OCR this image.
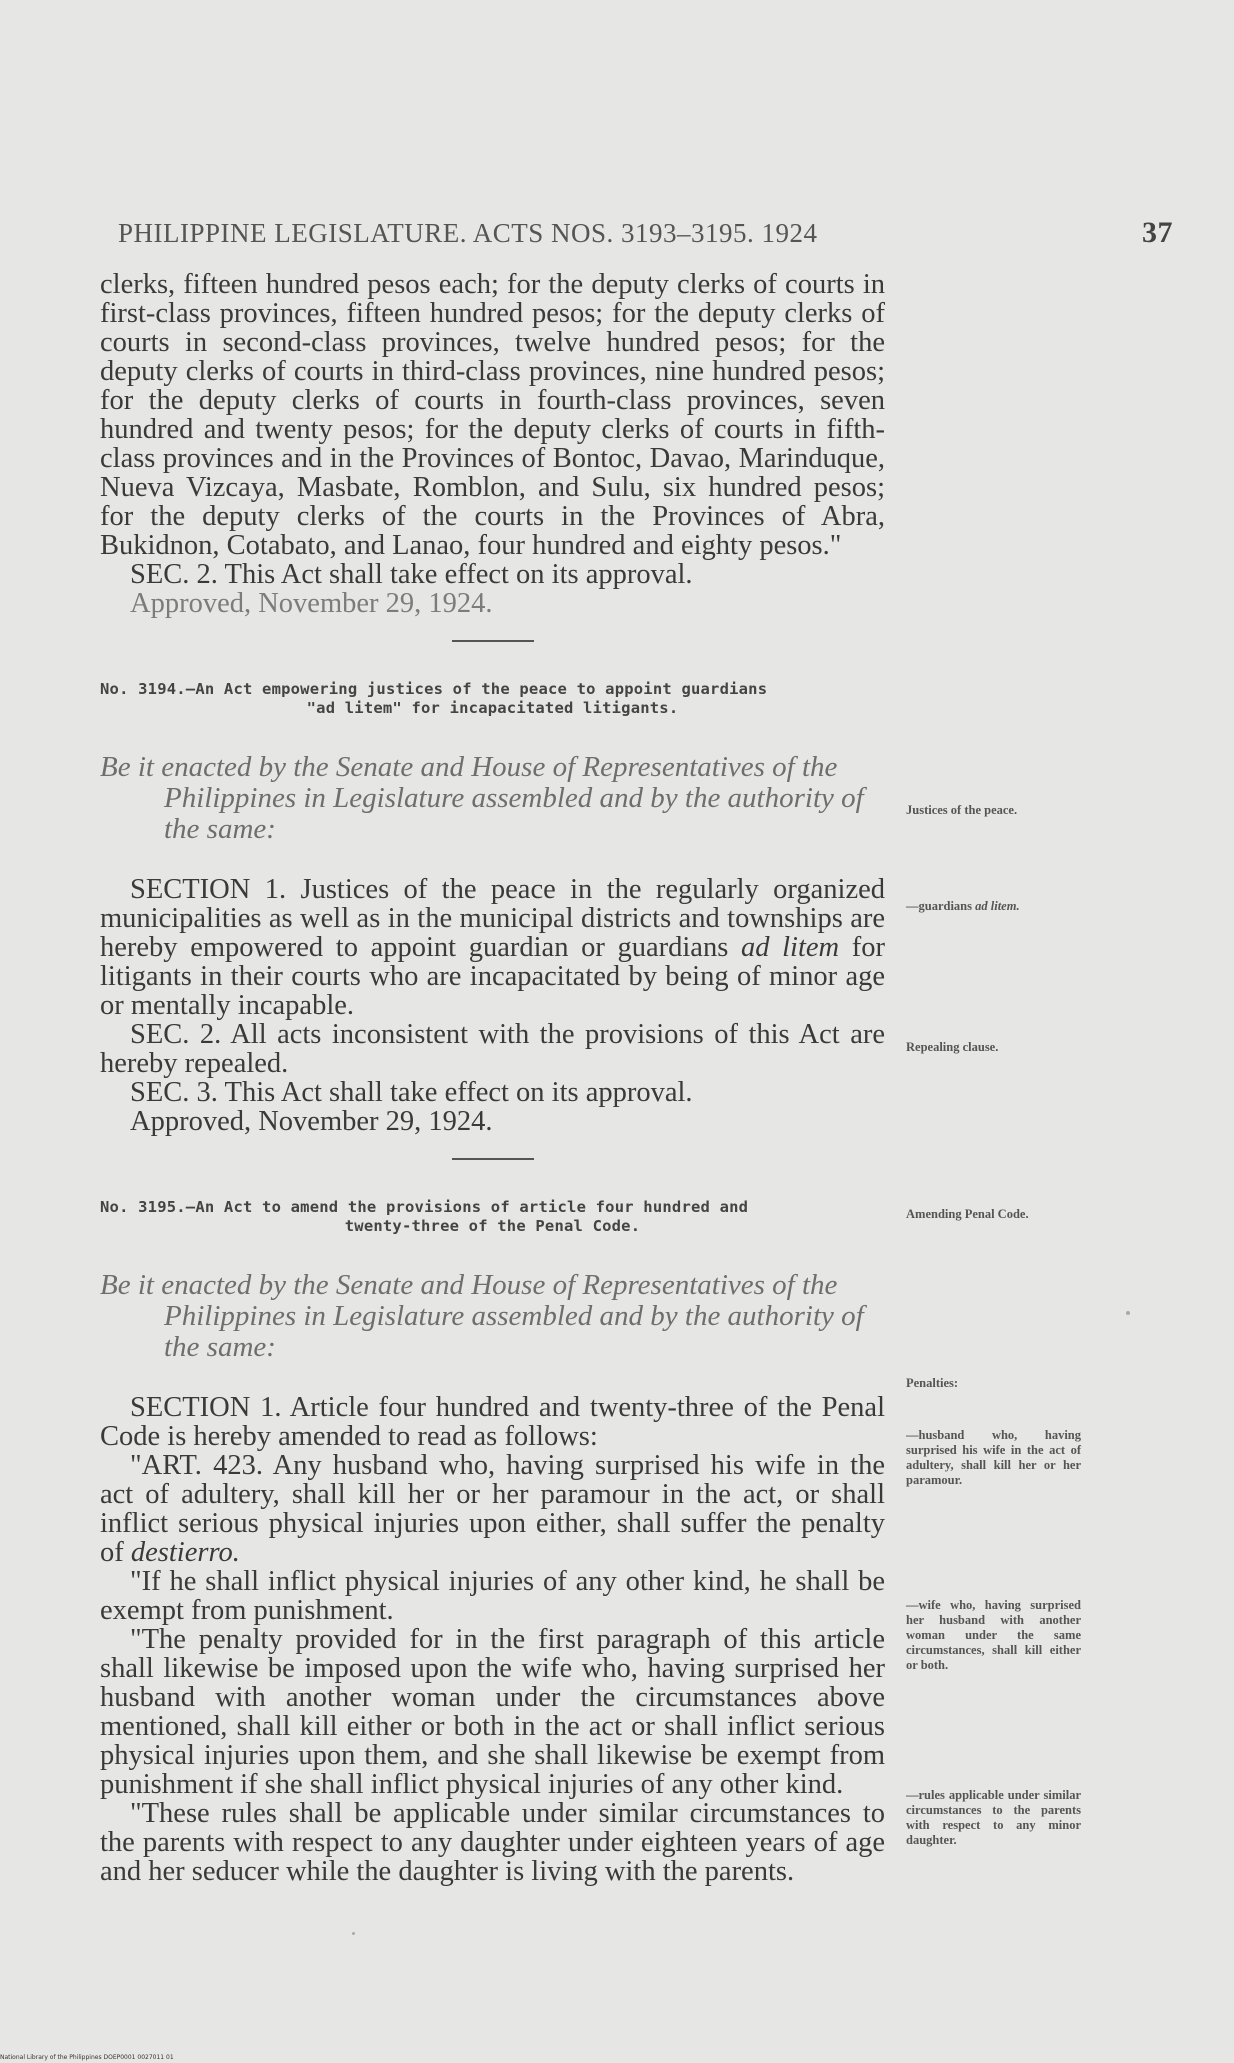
PHILIPPINE LEGISLATURE. ACTS NOS. 3193–3195. 1924	37

clerks, fifteen hundred pesos each; for the deputy clerks of courts in first-class provinces, fifteen hundred pesos; for the deputy clerks of courts in second-class provinces, twelve hundred pesos; for the deputy clerks of courts in third-class provinces, nine hundred pesos; for the deputy clerks of courts in fourth-class provinces, seven hundred and twenty pesos; for the deputy clerks of courts in fifth-class provinces and in the Provinces of Bontoc, Davao, Marinduque, Nueva Vizcaya, Masbate, Romblon, and Sulu, six hundred pesos; for the deputy clerks of the courts in the Provinces of Abra, Bukidnon, Cotabato, and Lanao, four hundred and eighty pesos."

SEC. 2. This Act shall take effect on its approval.

Approved, November 29, 1924.

No. 3194.—An Act empowering justices of the peace to appoint guardians
"ad litem" for incapacitated litigants.

Be it enacted by the Senate and House of Representatives of the Philippines in Legislature assembled and by the authority of the same:

SECTION 1. Justices of the peace in the regularly organized municipalities as well as in the municipal districts and townships are hereby empowered to appoint guardian or guardians ad litem for litigants in their courts who are incapacitated by being of minor age or mentally incapable.

SEC. 2. All acts inconsistent with the provisions of this Act are hereby repealed.

SEC. 3. This Act shall take effect on its approval.

Approved, November 29, 1924.

No. 3195.—An Act to amend the provisions of article four hundred and
twenty-three of the Penal Code.

Be it enacted by the Senate and House of Representatives of the Philippines in Legislature assembled and by the authority of the same:

SECTION 1. Article four hundred and twenty-three of the Penal Code is hereby amended to read as follows:

"ART. 423. Any husband who, having surprised his wife in the act of adultery, shall kill her or her paramour in the act, or shall inflict serious physical injuries upon either, shall suffer the penalty of destierro.

"If he shall inflict physical injuries of any other kind, he shall be exempt from punishment.

"The penalty provided for in the first paragraph of this article shall likewise be imposed upon the wife who, having surprised her husband with another woman under the circumstances above mentioned, shall kill either or both in the act or shall inflict serious physical injuries upon them, and she shall likewise be exempt from punishment if she shall inflict physical injuries of any other kind.

"These rules shall be applicable under similar circumstances to the parents with respect to any daughter under eighteen years of age and her seducer while the daughter is living with the parents.

Justices of the peace.
—guardians ad litem.
Repealing clause.
Amending Penal Code.
Penalties:
—husband who, having surprised his wife in the act of adultery, shall kill her or her paramour.
—wife who, having surprised her husband with another woman under the same circumstances, shall kill either or both.
—rules applicable under similar circumstances to the parents with respect to any minor daughter.
National Library of the Philippines DOEP0001 0027011 01
